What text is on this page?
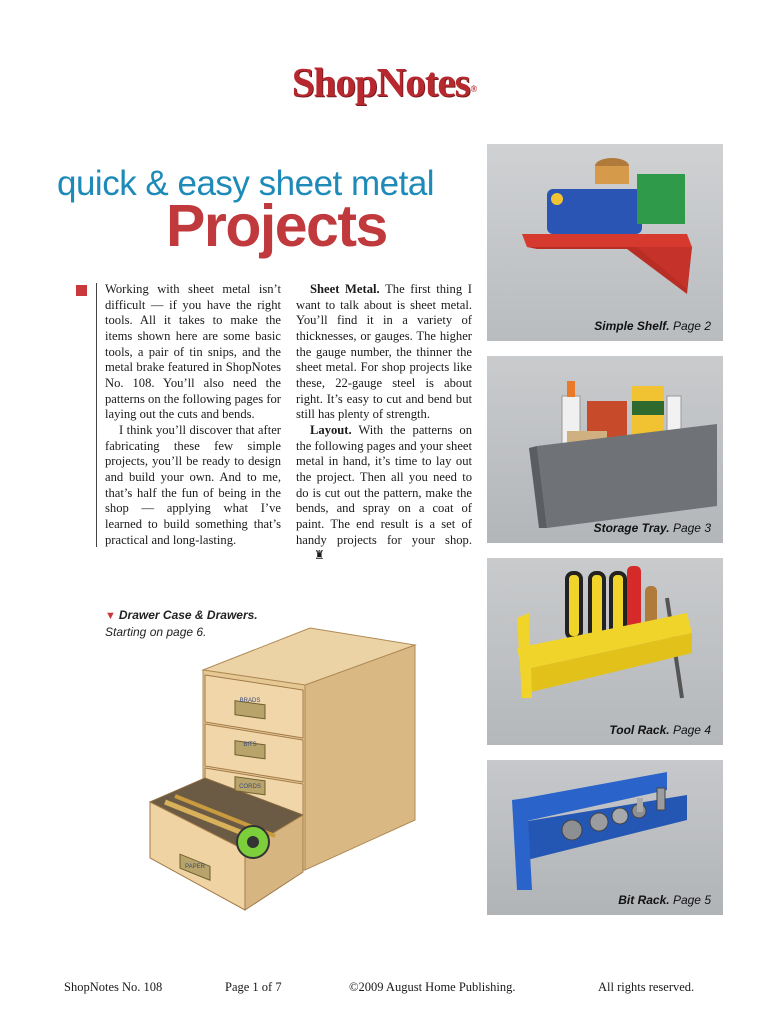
ShopNotes®
quick & easy sheet metal
Projects

Working with sheet metal isn’t difficult — if you have the right tools. All it takes to make the items shown here are some basic tools, a pair of tin snips, and the metal brake featured in ShopNotes No. 108. You’ll also need the patterns on the following pages for laying out the cuts and bends.

I think you’ll discover that after fabricating these few simple projects, you’ll be ready to design and build your own. And to me, that’s half the fun of being in the shop — applying what I’ve learned to build something that’s practical and long-lasting.

Sheet Metal. The first thing I want to talk about is sheet metal. You’ll find it in a variety of thicknesses, or gauges. The higher the gauge number, the thinner the sheet metal. For shop projects like these, 22-gauge steel is about right. It’s easy to cut and bend but still has plenty of strength.

Layout. With the patterns on the following pages and your sheet metal in hand, it’s time to lay out the project. Then all you need to do is cut out the pattern, make the bends, and spray on a coat of paint. The end result is a set of handy projects for your shop.♜

▼ Drawer Case & Drawers.
Starting on page 6.
BRADS
BITS
CORDS
PAPER
Simple Shelf. Page 2
Storage Tray. Page 3
Tool Rack. Page 4
Bit Rack. Page 5
ShopNotes No. 108	Page 1 of 7	©2009 August Home Publishing.	All rights reserved.
